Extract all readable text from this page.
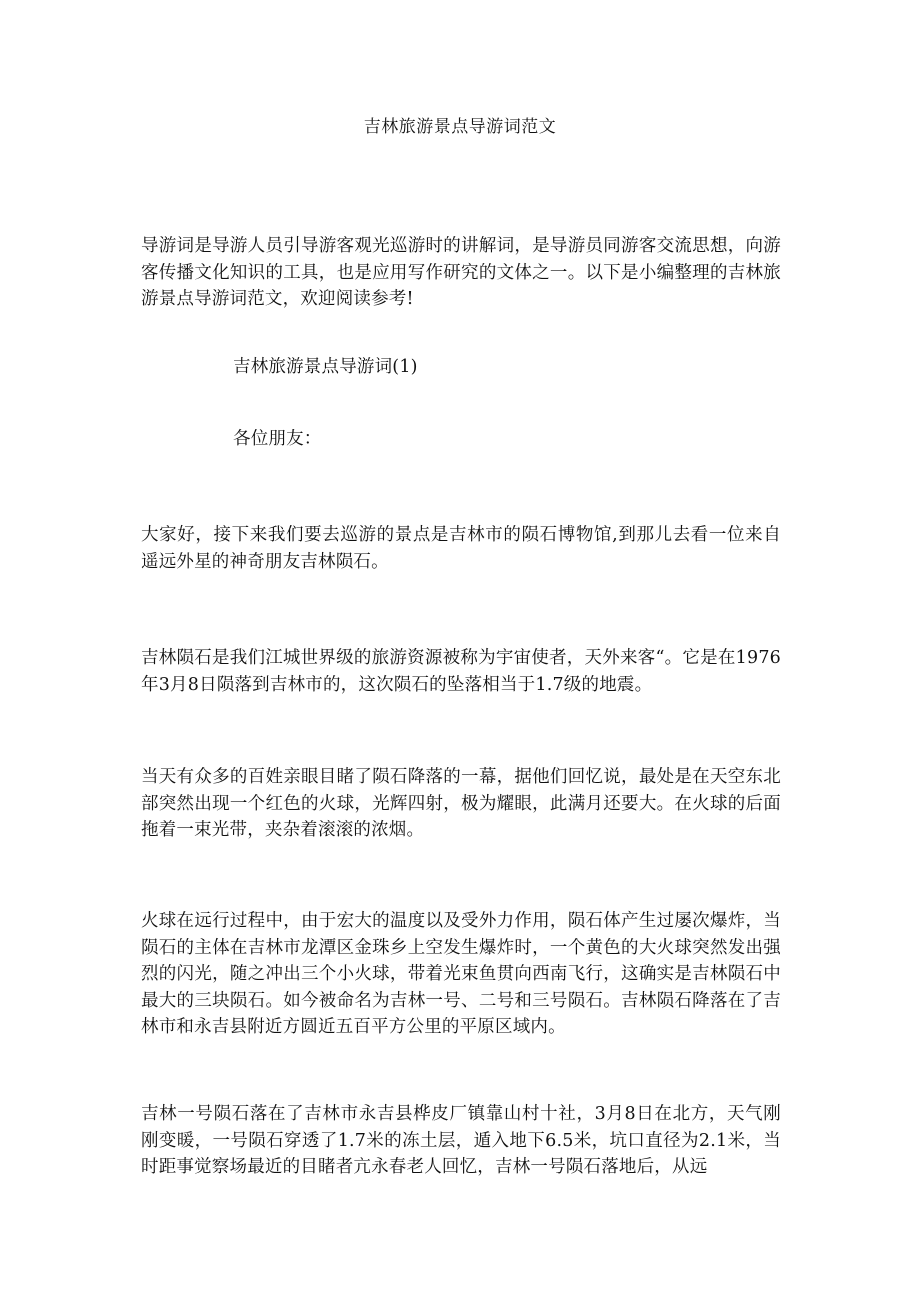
吉林旅游景点导游词范文

导游词是导游人员引导游客观光巡游时的讲解词，是导游员同游客交流思想，向游客传播文化知识的工具，也是应用写作研究的文体之一。以下是小编整理的吉林旅游景点导游词范文，欢迎阅读参考!

吉林旅游景点导游词(1)

各位朋友：

大家好，接下来我们要去巡游的景点是吉林市的陨石博物馆,到那儿去看一位来自遥远外星的神奇朋友吉林陨石。

吉林陨石是我们江城世界级的旅游资源被称为宇宙使者，天外来客“。它是在1976年3月8日陨落到吉林市的，这次陨石的坠落相当于1.7级的地震。

当天有众多的百姓亲眼目睹了陨石降落的一幕，据他们回忆说，最处是在天空东北部突然出现一个红色的火球，光辉四射，极为耀眼，此满月还要大。在火球的后面拖着一束光带，夹杂着滚滚的浓烟。

火球在远行过程中，由于宏大的温度以及受外力作用，陨石体产生过屡次爆炸，当陨石的主体在吉林市龙潭区金珠乡上空发生爆炸时，一个黄色的大火球突然发出强烈的闪光，随之冲出三个小火球，带着光束鱼贯向西南飞行，这确实是吉林陨石中最大的三块陨石。如今被命名为吉林一号、二号和三号陨石。吉林陨石降落在了吉林市和永吉县附近方圆近五百平方公里的平原区域内。

吉林一号陨石落在了吉林市永吉县桦皮厂镇靠山村十社，3月8日在北方，天气刚刚变暖，一号陨石穿透了1.7米的冻土层，遁入地下6.5米，坑口直径为2.1米，当时距事觉察场最近的目睹者亢永春老人回忆，吉林一号陨石落地后，从远
